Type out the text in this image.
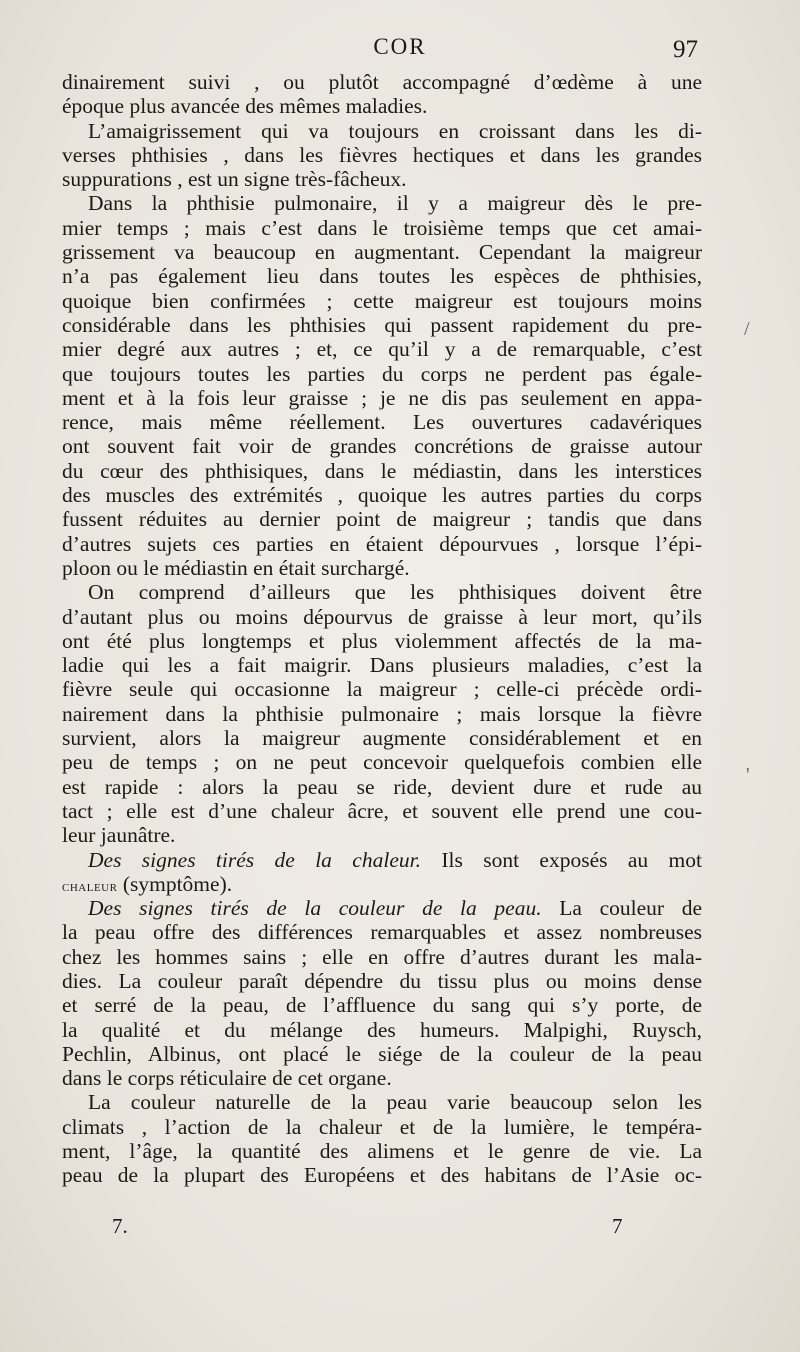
COR	97
dinairement suivi , ou plutôt accompagné d’œdème à une
époque plus avancée des mêmes maladies.
L’amaigrissement qui va toujours en croissant dans les di-
verses phthisies , dans les fièvres hectiques et dans les grandes
suppurations , est un signe très-fâcheux.
Dans la phthisie pulmonaire, il y a maigreur dès le pre-
mier temps ; mais c’est dans le troisième temps que cet amai-
grissement va beaucoup en augmentant. Cependant la maigreur
n’a pas également lieu dans toutes les espèces de phthisies,
quoique bien confirmées ; cette maigreur est toujours moins
considérable dans les phthisies qui passent rapidement du pre-
mier degré aux autres ; et, ce qu’il y a de remarquable, c’est
que toujours toutes les parties du corps ne perdent pas égale-
ment et à la fois leur graisse ; je ne dis pas seulement en appa-
rence, mais même réellement. Les ouvertures cadavériques
ont souvent fait voir de grandes concrétions de graisse autour
du cœur des phthisiques, dans le médiastin, dans les interstices
des muscles des extrémités , quoique les autres parties du corps
fussent réduites au dernier point de maigreur ; tandis que dans
d’autres sujets ces parties en étaient dépourvues , lorsque l’épi-
ploon ou le médiastin en était surchargé.
On comprend d’ailleurs que les phthisiques doivent être
d’autant plus ou moins dépourvus de graisse à leur mort, qu’ils
ont été plus longtemps et plus violemment affectés de la ma-
ladie qui les a fait maigrir. Dans plusieurs maladies, c’est la
fièvre seule qui occasionne la maigreur ; celle-ci précède ordi-
nairement dans la phthisie pulmonaire ; mais lorsque la fièvre
survient, alors la maigreur augmente considérablement et en
peu de temps ; on ne peut concevoir quelquefois combien elle
est rapide : alors la peau se ride, devient dure et rude au
tact ; elle est d’une chaleur âcre, et souvent elle prend une cou-
leur jaunâtre.
Des signes tirés de la chaleur. Ils sont exposés au mot
chaleur (symptôme).
Des signes tirés de la couleur de la peau. La couleur de
la peau offre des différences remarquables et assez nombreuses
chez les hommes sains ; elle en offre d’autres durant les mala-
dies. La couleur paraît dépendre du tissu plus ou moins dense
et serré de la peau, de l’affluence du sang qui s’y porte, de
la qualité et du mélange des humeurs. Malpighi, Ruysch,
Pechlin, Albinus, ont placé le siége de la couleur de la peau
dans le corps réticulaire de cet organe.
La couleur naturelle de la peau varie beaucoup selon les
climats , l’action de la chaleur et de la lumière, le tempéra-
ment, l’âge, la quantité des alimens et le genre de vie. La
peau de la plupart des Européens et des habitans de l’Asie oc-
7.	7
/
'
